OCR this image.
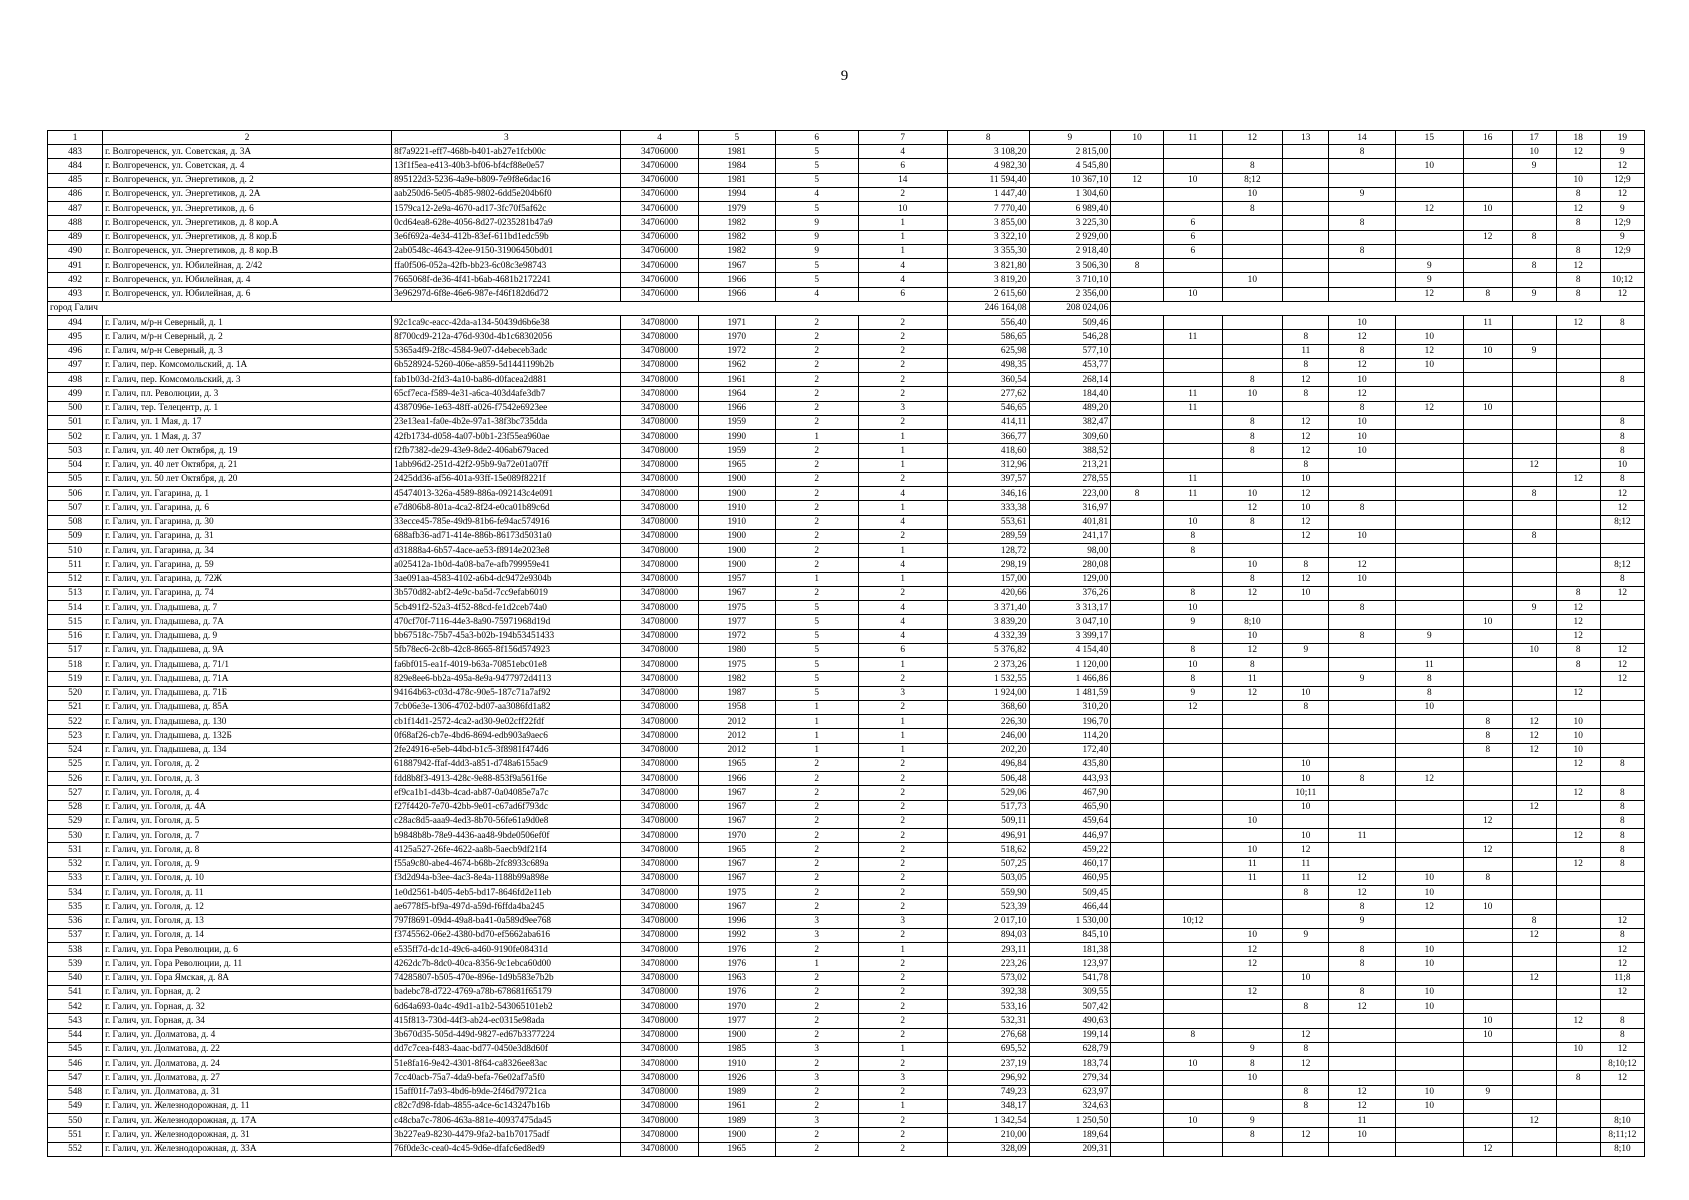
9
1	2	3	4	5	6	7	8	9	10	11	12	13	14	15	16	17	18	19
483	г. Волгореченск, ул. Советская, д. 3А	8f7a9221-eff7-468b-b401-ab27e1fcb00c	34706000	1981	5	4	3 108,20	2 815,00					8			10	12	9
484	г. Волгореченск, ул. Советская, д. 4	13f1f5ea-e413-40b3-bf06-bf4cf88e0e57	34706000	1984	5	6	4 982,30	4 545,80			8			10		9		12
485	г. Волгореченск, ул. Энергетиков, д. 2	895122d3-5236-4a9e-b809-7e9f8e6dac16	34706000	1981	5	14	11 594,40	10 367,10	12	10	8;12						10	12;9
486	г. Волгореченск, ул. Энергетиков, д. 2А	aab250d6-5e05-4b85-9802-6dd5e204b6f0	34706000	1994	4	2	1 447,40	1 304,60			10		9				8	12
487	г. Волгореченск, ул. Энергетиков, д. 6	1579ca12-2e9a-4670-ad17-3fc70f5af62c	34706000	1979	5	10	7 770,40	6 989,40			8			12	10		12	9
488	г. Волгореченск, ул. Энергетиков, д. 8 кор.А	0cd64ea8-628e-4056-8d27-0235281b47a9	34706000	1982	9	1	3 855,00	3 225,30		6			8				8	12;9
489	г. Волгореченск, ул. Энергетиков, д. 8 кор.Б	3e6f692a-4e34-412b-83ef-611bd1edc59b	34706000	1982	9	1	3 322,10	2 929,00		6					12	8		9
490	г. Волгореченск, ул. Энергетиков, д. 8 кор.В	2ab0548c-4643-42ee-9150-31906450bd01	34706000	1982	9	1	3 355,30	2 918,40		6			8				8	12;9
491	г. Волгореченск, ул. Юбилейная, д. 2/42	ffa0f506-052a-42fb-bb23-6c08c3e98743	34706000	1967	5	4	3 821,80	3 506,30	8					9		8	12	
492	г. Волгореченск, ул. Юбилейная, д. 4	7665068f-de36-4f41-b6ab-4681b2172241	34706000	1966	5	4	3 819,20	3 710,10			10			9			8	10;12
493	г. Волгореченск, ул. Юбилейная, д. 6	3e96297d-6f8e-46e6-987e-f46f182d6d72	34706000	1966	4	6	2 615,60	2 356,00		10				12	8	9	8	12
город Галич							246 164,08	208 024,06										
494	г. Галич, м/р-н Северный, д. 1	92c1ca9c-eacc-42da-a134-50439d6b6e38	34708000	1971	2	2	556,40	509,46					10		11		12	8
495	г. Галич, м/р-н Северный, д. 2	8f700cd9-212a-476d-930d-4b1c68302056	34708000	1970	2	2	586,65	546,28		11		8	12	10				
496	г. Галич, м/р-н Северный, д. 3	5365a4f9-2f8c-4584-9e07-d4ebeceb3adc	34708000	1972	2	2	625,98	577,10				11	8	12	10	9		
497	г. Галич, пер. Комсомольский, д. 1А	6b528924-5260-406e-a859-5d1441199b2b	34708000	1962	2	2	498,35	453,77				8	12	10				
498	г. Галич, пер. Комсомольский, д. 3	fab1b03d-2fd3-4a10-ba86-d0facea2d881	34708000	1961	2	2	360,54	268,14			8	12	10					8
499	г. Галич, пл. Революции, д. 3	65cf7eca-f589-4e31-a6ca-403d4afe3db7	34708000	1964	2	2	277,62	184,40		11	10	8	12					
500	г. Галич, тер. Телецентр, д. 1	4387096e-1e63-48ff-a026-f7542e6923ee	34708000	1966	2	3	546,65	489,20		11			8	12	10			
501	г. Галич, ул. 1 Мая, д. 17	23e13ea1-fa0e-4b2e-97a1-38f3bc735dda	34708000	1959	2	2	414,11	382,47			8	12	10					8
502	г. Галич, ул. 1 Мая, д. 37	42fb1734-d058-4a07-b0b1-23f55ea960ae	34708000	1990	1	1	366,77	309,60			8	12	10					8
503	г. Галич, ул. 40 лет Октября, д. 19	f2fb7382-de29-43e9-8de2-406ab679aced	34708000	1959	2	1	418,60	388,52			8	12	10					8
504	г. Галич, ул. 40 лет Октября, д. 21	1abb96d2-251d-42f2-95b9-9a72e01a07ff	34708000	1965	2	1	312,96	213,21				8				12		10
505	г. Галич, ул. 50 лет Октября, д. 20	2425dd36-af56-401a-93ff-15e089f8221f	34708000	1900	2	2	397,57	278,55		11		10					12	8
506	г. Галич, ул. Гагарина, д. 1	45474013-326a-4589-886a-092143c4e091	34708000	1900	2	4	346,16	223,00	8	11	10	12				8		12
507	г. Галич, ул. Гагарина, д. 6	e7d806b8-801a-4ca2-8f24-e0ca01b89c6d	34708000	1910	2	1	333,38	316,97			12	10	8					12
508	г. Галич, ул. Гагарина, д. 30	33ecce45-785e-49d9-81b6-fe94ac574916	34708000	1910	2	4	553,61	401,81		10	8	12						8;12
509	г. Галич, ул. Гагарина, д. 31	688afb36-ad71-414e-886b-86173d5031a0	34708000	1900	2	2	289,59	241,17		8		12	10			8		
510	г. Галич, ул. Гагарина, д. 34	d31888a4-6b57-4ace-ae53-f8914e2023e8	34708000	1900	2	1	128,72	98,00		8								
511	г. Галич, ул. Гагарина, д. 59	a025412a-1b0d-4a08-ba7e-afb799959e41	34708000	1900	2	4	298,19	280,08			10	8	12					8;12
512	г. Галич, ул. Гагарина, д. 72Ж	3ae091aa-4583-4102-a6b4-dc9472e9304b	34708000	1957	1	1	157,00	129,00			8	12	10					8
513	г. Галич, ул. Гагарина, д. 74	3b570d82-abf2-4e9c-ba5d-7cc9efab6019	34708000	1967	2	2	420,66	376,26		8	12	10					8	12
514	г. Галич, ул. Гладышева, д. 7	5cb491f2-52a3-4f52-88cd-fe1d2ceb74a0	34708000	1975	5	4	3 371,40	3 313,17		10			8			9	12	
515	г. Галич, ул. Гладышева, д. 7А	470cf70f-7116-44e3-8a90-75971968d19d	34708000	1977	5	4	3 839,20	3 047,10		9	8;10				10		12	
516	г. Галич, ул. Гладышева, д. 9	bb67518c-75b7-45a3-b02b-194b53451433	34708000	1972	5	4	4 332,39	3 399,17			10		8	9			12	
517	г. Галич, ул. Гладышева, д. 9А	5fb78ec6-2c8b-42c8-8665-8f156d574923	34708000	1980	5	6	5 376,82	4 154,40		8	12	9				10	8	12
518	г. Галич, ул. Гладышева, д. 71/1	fa6bf015-ea1f-4019-b63a-70851ebc01e8	34708000	1975	5	1	2 373,26	1 120,00		10	8			11			8	12
519	г. Галич, ул. Гладышева, д. 71А	829e8ee6-bb2a-495a-8e9a-9477972d4113	34708000	1982	5	2	1 532,55	1 466,86		8	11		9	8				12
520	г. Галич, ул. Гладышева, д. 71Б	94164b63-c03d-478c-90e5-187c71a7af92	34708000	1987	5	3	1 924,00	1 481,59		9	12	10		8			12	
521	г. Галич, ул. Гладышева, д. 85А	7cb06e3e-1306-4702-bd07-aa3086fd1a82	34708000	1958	1	2	368,60	310,20		12		8		10				
522	г. Галич, ул. Гладышева, д. 130	cb1f14d1-2572-4ca2-ad30-9e02cff22fdf	34708000	2012	1	1	226,30	196,70							8	12	10	
523	г. Галич, ул. Гладышева, д. 132Б	0f68af26-cb7e-4bd6-8694-edb903a9aec6	34708000	2012	1	1	246,00	114,20							8	12	10	
524	г. Галич, ул. Гладышева, д. 134	2fe24916-e5eb-44bd-b1c5-3f8981f474d6	34708000	2012	1	1	202,20	172,40							8	12	10	
525	г. Галич, ул. Гоголя, д. 2	61887942-ffaf-4dd3-a851-d748a6155ac9	34708000	1965	2	2	496,84	435,80				10					12	8
526	г. Галич, ул. Гоголя, д. 3	fdd8b8f3-4913-428c-9e88-853f9a561f6e	34708000	1966	2	2	506,48	443,93				10	8	12				
527	г. Галич, ул. Гоголя, д. 4	ef9ca1b1-d43b-4cad-ab87-0a04085e7a7c	34708000	1967	2	2	529,06	467,90				10;11					12	8
528	г. Галич, ул. Гоголя, д. 4А	f27f4420-7e70-42bb-9e01-c67ad6f793dc	34708000	1967	2	2	517,73	465,90				10				12		8
529	г. Галич, ул. Гоголя, д. 5	c28ac8d5-aaa9-4ed3-8b70-56fe61a9d0e8	34708000	1967	2	2	509,11	459,64			10				12			8
530	г. Галич, ул. Гоголя, д. 7	b9848b8b-78e9-4436-aa48-9bde0506ef0f	34708000	1970	2	2	496,91	446,97				10	11				12	8
531	г. Галич, ул. Гоголя, д. 8	4125a527-26fe-4622-aa8b-5aecb9df21f4	34708000	1965	2	2	518,62	459,22			10	12			12			8
532	г. Галич, ул. Гоголя, д. 9	f55a9c80-abe4-4674-b68b-2fc8933c689a	34708000	1967	2	2	507,25	460,17			11	11					12	8
533	г. Галич, ул. Гоголя, д. 10	f3d2d94a-b3ee-4ac3-8e4a-1188b99a898e	34708000	1967	2	2	503,05	460,95			11	11	12	10	8			
534	г. Галич, ул. Гоголя, д. 11	1e0d2561-b405-4eb5-bd17-8646fd2e11eb	34708000	1975	2	2	559,90	509,45				8	12	10				
535	г. Галич, ул. Гоголя, д. 12	ae6778f5-bf9a-497d-a59d-f6ffda4ba245	34708000	1967	2	2	523,39	466,44					8	12	10			
536	г. Галич, ул. Гоголя, д. 13	797f8691-09d4-49a8-ba41-0a589d9ee768	34708000	1996	3	3	2 017,10	1 530,00		10;12			9			8		12
537	г. Галич, ул. Гоголя, д. 14	f3745562-06e2-4380-bd70-ef5662aba616	34708000	1992	3	2	894,03	845,10			10	9				12		8
538	г. Галич, ул. Гора Революции, д. 6	e535ff7d-dc1d-49c6-a460-9190fe08431d	34708000	1976	2	1	293,11	181,38			12		8	10				12
539	г. Галич, ул. Гора Революции, д. 11	4262dc7b-8dc0-40ca-8356-9c1ebca60d00	34708000	1976	1	2	223,26	123,97			12		8	10				12
540	г. Галич, ул. Гора Ямская, д. 8А	74285807-b505-470e-896e-1d9b583e7b2b	34708000	1963	2	2	573,02	541,78				10				12		11;8
541	г. Галич, ул. Горная, д. 2	badebc78-d722-4769-a78b-678681f65179	34708000	1976	2	2	392,38	309,55			12		8	10				12
542	г. Галич, ул. Горная, д. 32	6d64a693-0a4c-49d1-a1b2-543065101eb2	34708000	1970	2	2	533,16	507,42				8	12	10				
543	г. Галич, ул. Горная, д. 34	415f813-730d-44f3-ab24-ec0315e98ada	34708000	1977	2	2	532,31	490,63							10		12	8
544	г. Галич, ул. Долматова, д. 4	3b670d35-505d-449d-9827-ed67b3377224	34708000	1900	2	2	276,68	199,14		8		12			10			8
545	г. Галич, ул. Долматова, д. 22	dd7c7cea-f483-4aac-bd77-0450e3d8d60f	34708000	1985	3	1	695,52	628,79			9	8					10	12
546	г. Галич, ул. Долматова, д. 24	51e8fa16-9e42-4301-8f64-ca8326ee83ac	34708000	1910	2	2	237,19	183,74		10	8	12						8;10;12
547	г. Галич, ул. Долматова, д. 27	7cc40acb-75a7-4da9-befa-76e02af7a5f0	34708000	1926	3	3	296,92	279,34			10						8	12
548	г. Галич, ул. Долматова, д. 31	15aff01f-7a93-4bd6-b9de-2f46d79721ca	34708000	1989	2	2	749,23	623,97				8	12	10	9			
549	г. Галич, ул. Железнодорожная, д. 11	c82c7d98-fdab-4855-a4ce-6c143247b16b	34708000	1961	2	1	348,17	324,63				8	12	10				
550	г. Галич, ул. Железнодорожная, д. 17А	c48cba7c-7806-463a-881e-40937475da45	34708000	1989	3	2	1 342,54	1 250,50		10	9		11			12		8;10
551	г. Галич, ул. Железнодорожная, д. 31	3b227ea9-8230-4479-9fa2-ba1b70175adf	34708000	1900	2	2	210,00	189,64			8	12	10					8;11;12
552	г. Галич, ул. Железнодорожная, д. 33А	76f0de3c-cea0-4c45-9d6e-dfafc6ed8ed9	34708000	1965	2	2	328,09	209,31							12			8;10
